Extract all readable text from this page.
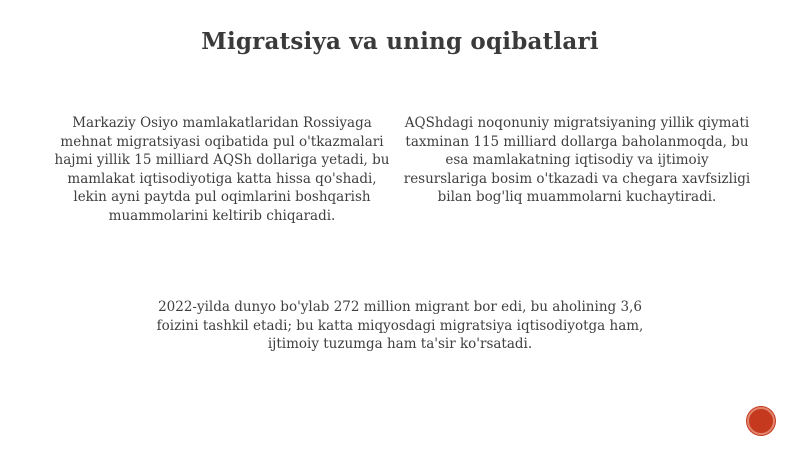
Migratsiya va uning oqibatlari
Markaziy Osiyo mamlakatlaridan Rossiyaga mehnat migratsiyasi oqibatida pul o'tkazmalari hajmi yillik 15 milliard AQSh dollariga yetadi, bu mamlakat iqtisodiyotiga katta hissa qo'shadi, lekin ayni paytda pul oqimlarini boshqarish muammolarini keltirib chiqaradi.
AQShdagi noqonuniy migratsiyaning yillik qiymati taxminan 115 milliard dollarga baholanmoqda, bu esa mamlakatning iqtisodiy va ijtimoiy resurslariga bosim o'tkazadi va chegara xavfsizligi bilan bog'liq muammolarni kuchaytiradi.
2022-yilda dunyo bo'ylab 272 million migrant bor edi, bu aholining 3,6 foizini tashkil etadi; bu katta miqyosdagi migratsiya iqtisodiyotga ham, ijtimoiy tuzumga ham ta'sir ko'rsatadi.
